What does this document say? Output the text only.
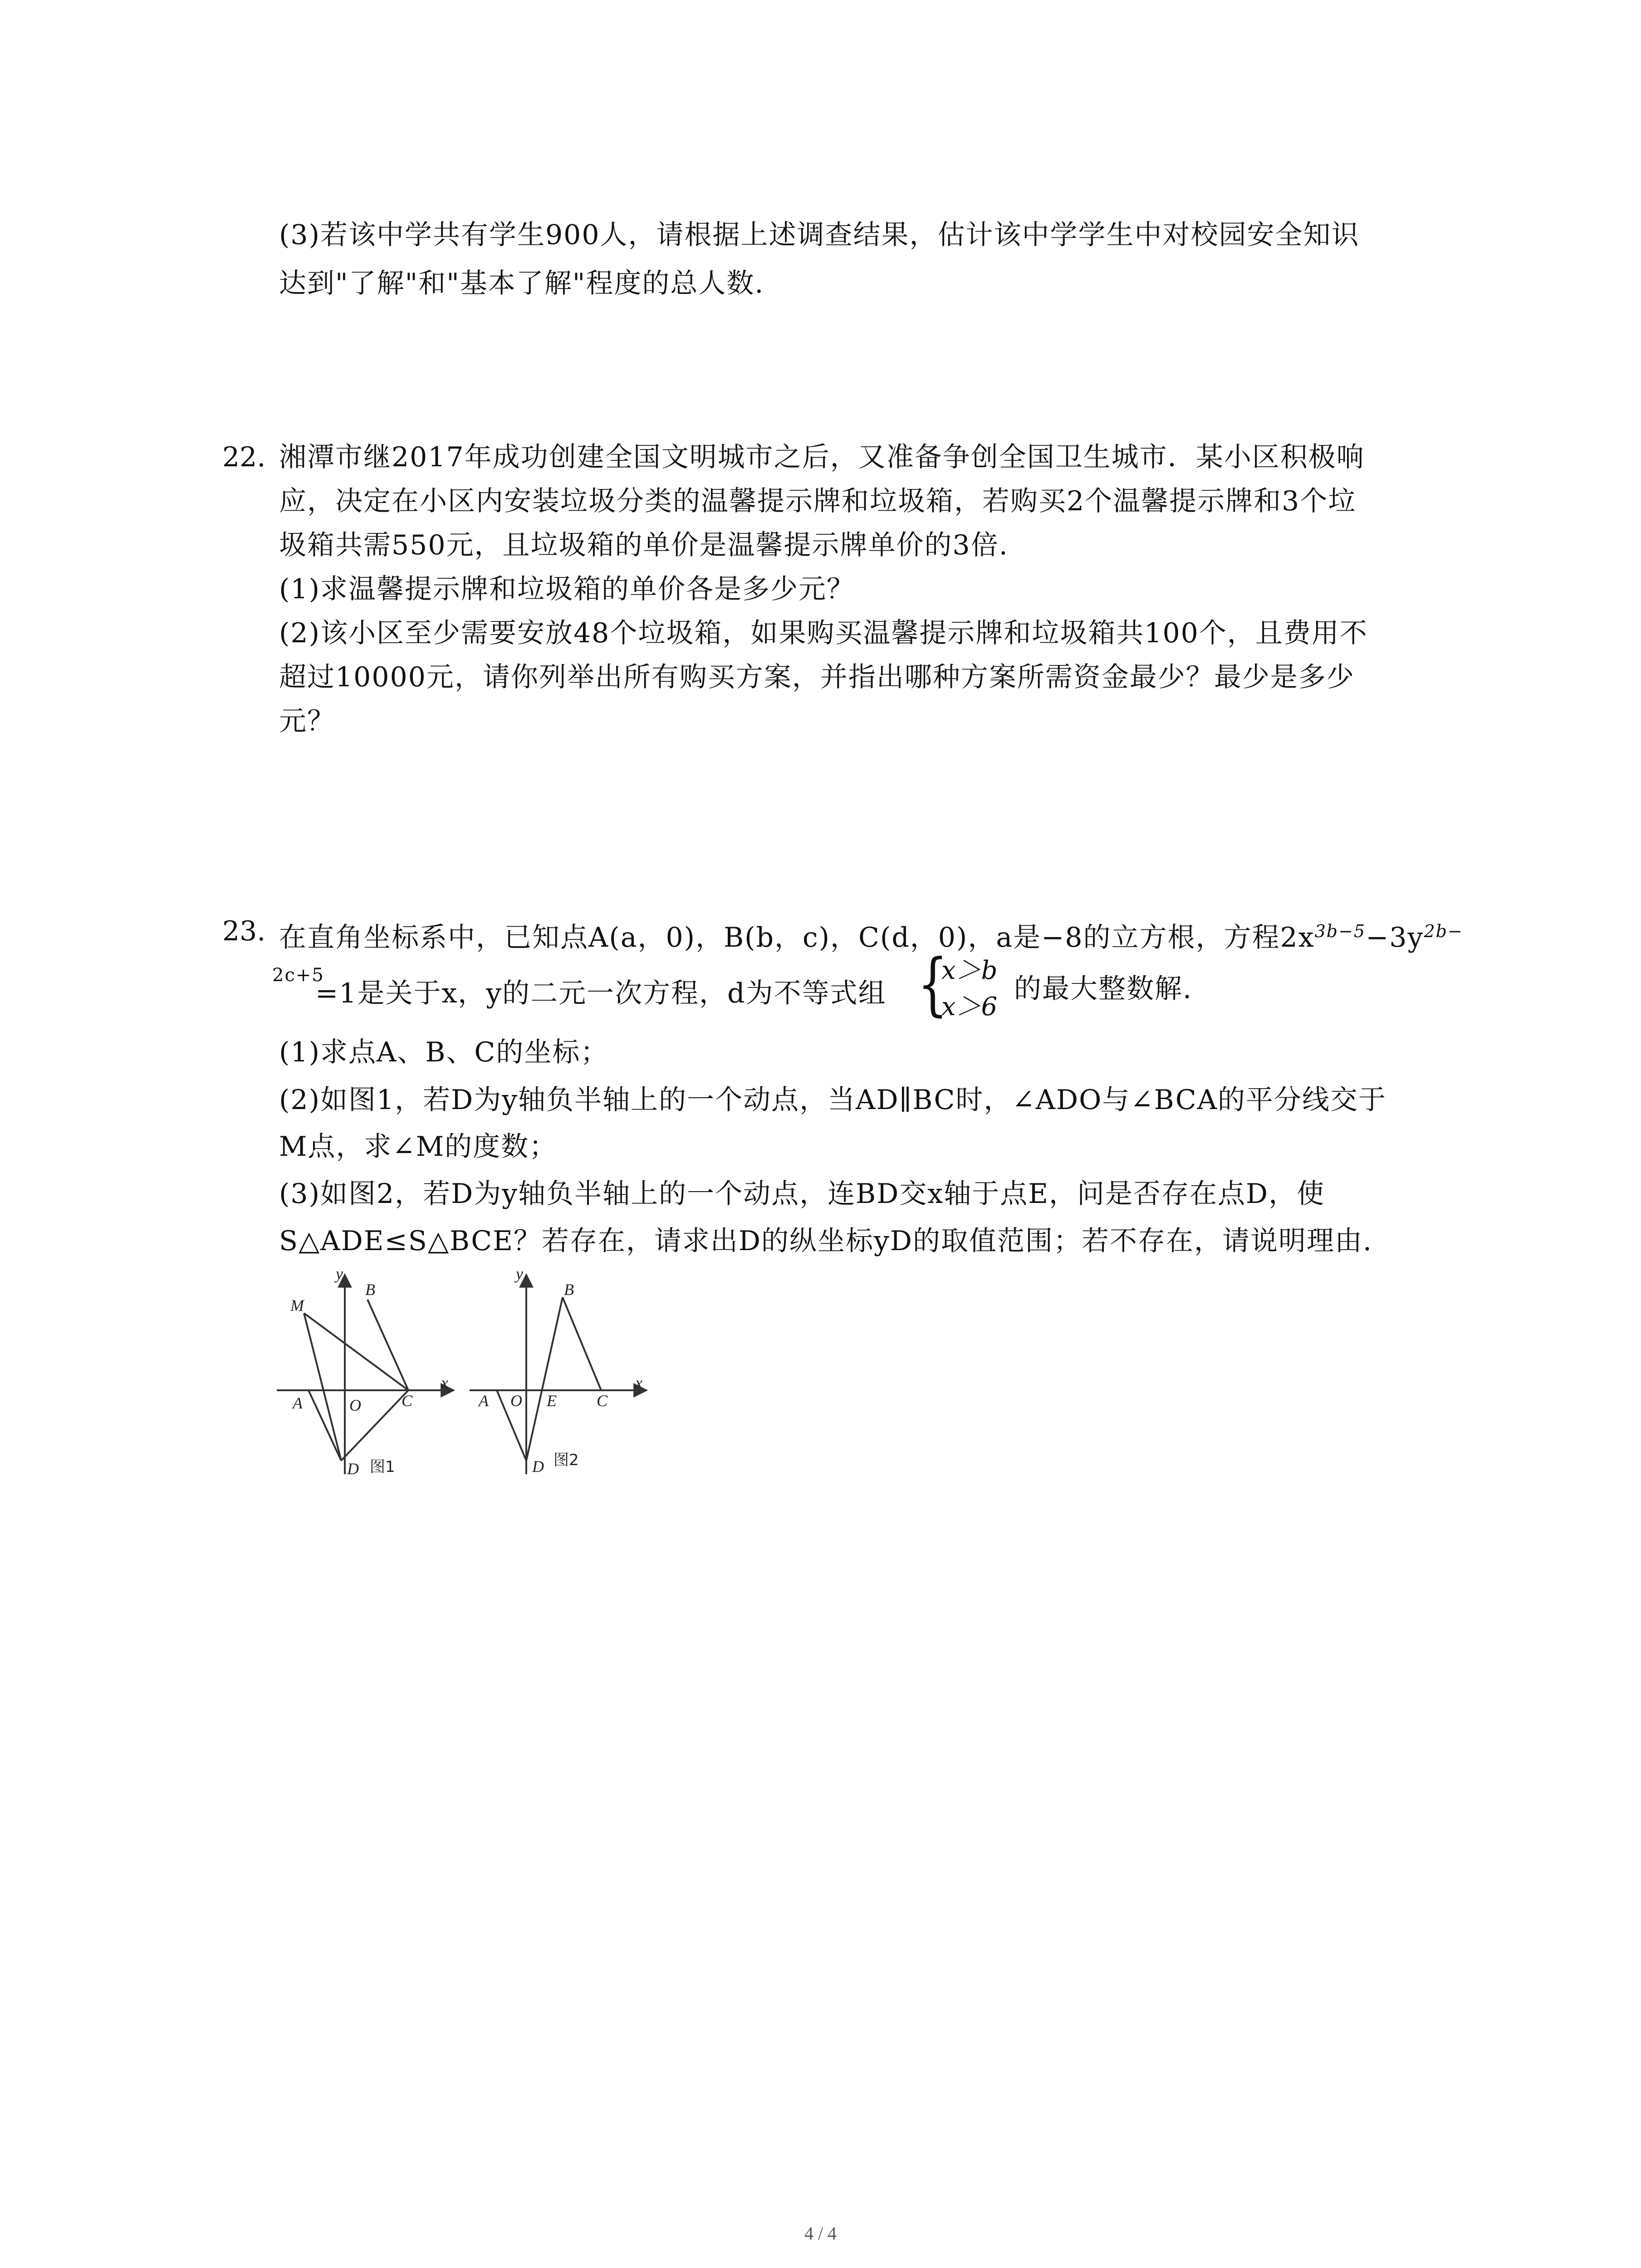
(3)若该中学共有学生900人，请根据上述调查结果，估计该中学学生中对校园安全知识
达到"了解"和"基本了解"程度的总人数.
22. 湘潭市继2017年成功创建全国文明城市之后，又准备争创全国卫生城市．某小区积极响
应，决定在小区内安装垃圾分类的温馨提示牌和垃圾箱，若购买2个温馨提示牌和3个垃
圾箱共需550元，且垃圾箱的单价是温馨提示牌单价的3倍.
(1)求温馨提示牌和垃圾箱的单价各是多少元？
(2)该小区至少需要安放48个垃圾箱，如果购买温馨提示牌和垃圾箱共100个，且费用不
超过10000元，请你列举出所有购买方案，并指出哪种方案所需资金最少？最少是多少
元？
23. 在直角坐标系中，已知点A(a，0)，B(b，c)，C(d，0)，a是−8的立方根，方程$2x^{3b-5}-3y^{2b-}$
2c+5
=1是关于x，y的二元一次方程，d为不等式组 {
x＞b
x＞6
的最大整数解.
(1)求点A、B、C的坐标；
(2)如图1，若D为y轴负半轴上的一个动点，当AD∥BC时，∠ADO与∠BCA的平分线交于
M点，求∠M的度数；
(3)如图2，若D为y轴负半轴上的一个动点，连BD交x轴于点E，问是否存在点D，使
S△ADE≤S△BCE？若存在，请求出D的纵坐标yD的取值范围；若不存在，请说明理由.
y
x
M
B
A	O C
D 图1
y
x
B
A O E C
D 图2
4 / 4
